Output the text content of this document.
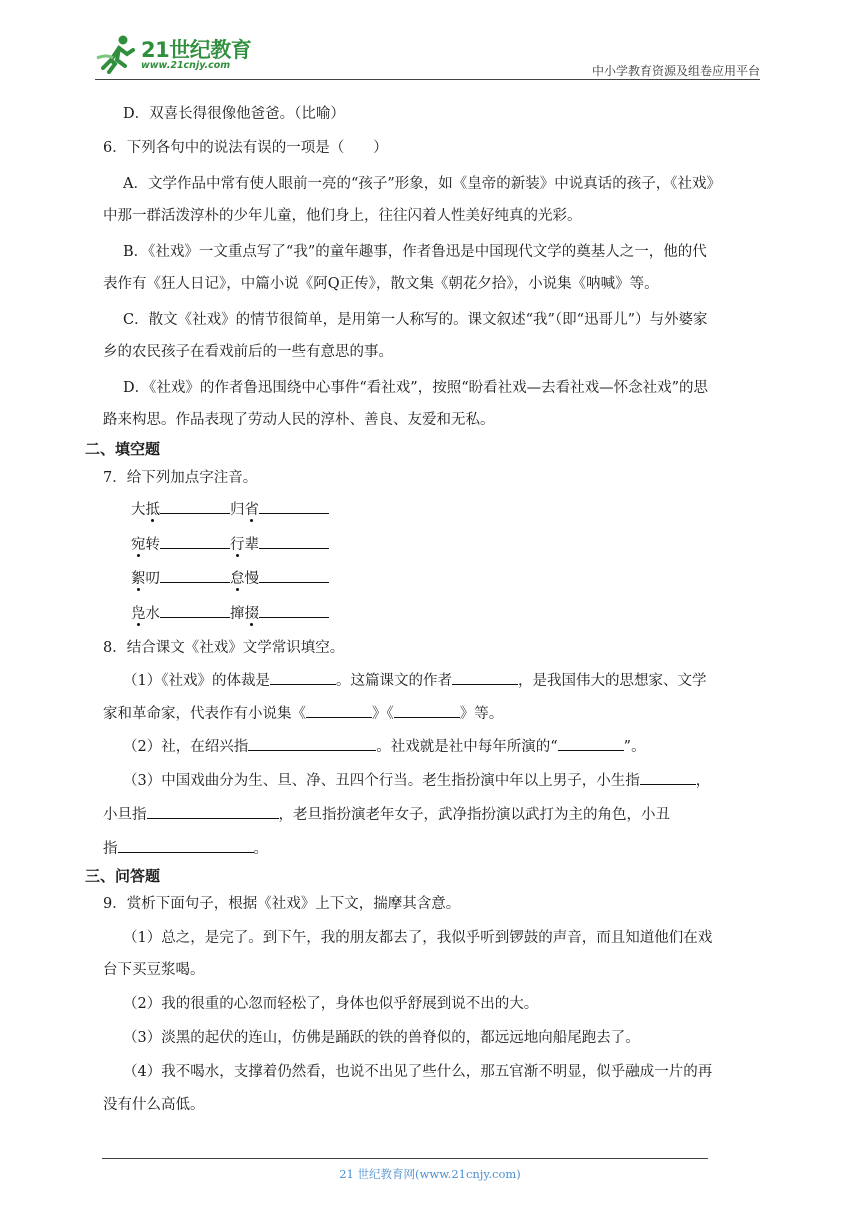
21世纪教育
www.21cnjy.com	中小学教育资源及组卷应用平台
D．双喜长得很像他爸爸。（比喻）
6．下列各句中的说法有误的一项是（　　）
A．文学作品中常有使人眼前一亮的“孩子”形象，如《皇帝的新装》中说真话的孩子，《社戏》
中那一群活泼淳朴的少年儿童，他们身上，往往闪着人性美好纯真的光彩。
B．《社戏》一文重点写了“我”的童年趣事，作者鲁迅是中国现代文学的奠基人之一，他的代
表作有《狂人日记》，中篇小说《阿Q正传》，散文集《朝花夕拾》，小说集《呐喊》等。
C．散文《社戏》的情节很简单，是用第一人称写的。课文叙述“我”（即“迅哥儿”）与外婆家
乡的农民孩子在看戏前后的一些有意思的事。
D．《社戏》的作者鲁迅围绕中心事件“看社戏”，按照“盼看社戏—去看社戏—怀念社戏”的思
路来构思。作品表现了劳动人民的淳朴、善良、友爱和无私。
二、填空题
7．给下列加点字注音。
大抵	归省
宛转	行辈
絮叨	怠慢
凫水	撺掇
8．结合课文《社戏》文学常识填空。
（1）《社戏》的体裁是	。这篇课文的作者	，是我国伟大的思想家、文学
家和革命家，代表作有小说集《	》《	》等。
（2）社，在绍兴指	。社戏就是社中每年所演的“	”。
（3）中国戏曲分为生、旦、净、丑四个行当。老生指扮演中年以上男子，小生指	，
小旦指	，老旦指扮演老年女子，武净指扮演以武打为主的角色，小丑
指	。
三、问答题
9．赏析下面句子，根据《社戏》上下文，揣摩其含意。
（1）总之，是完了。到下午，我的朋友都去了，我似乎听到锣鼓的声音，而且知道他们在戏
台下买豆浆喝。
（2）我的很重的心忽而轻松了，身体也似乎舒展到说不出的大。
（3）淡黑的起伏的连山，仿佛是踊跃的铁的兽脊似的，都远远地向船尾跑去了。
（4）我不喝水，支撑着仍然看，也说不出见了些什么，那五官渐不明显，似乎融成一片的再
没有什么高低。
21 世纪教育网(www.21cnjy.com)
